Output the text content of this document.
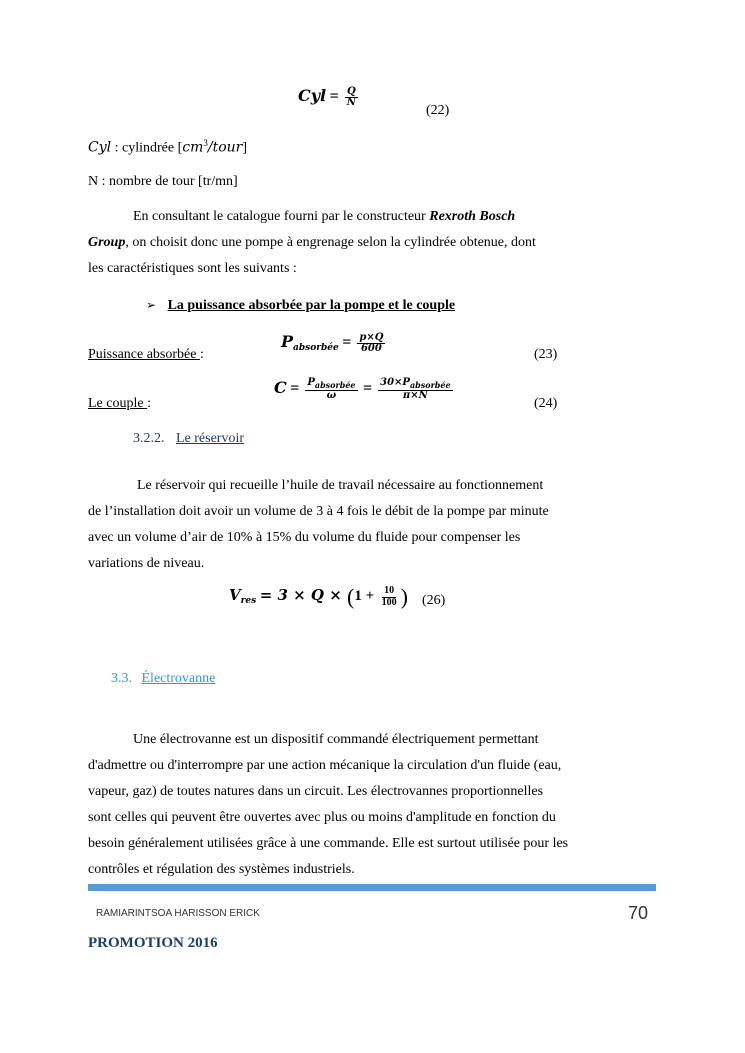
Cyl = $\frac{Q}{N}$
(22)
Cyl : cylindrée $[cm^3/tour]$
N : nombre de tour [tr/mn]
En consultant le catalogue fourni par le constructeur Rexroth Bosch
Group, on choisit donc une pompe à engrenage selon la cylindrée obtenue, dont
les caractéristiques sont les suivants :
➢ La puissance absorbée par la pompe et le couple
Puissance absorbée :
$P_{absorbée} = \frac{p\times Q}{600}$	(23)
Le couple :
$C = \frac{P_{absorbée}}{\omega} = \frac{30\times P_{absorbée}}{\pi\times N}$
(24)
3.2.2. Le réservoir
Le réservoir qui recueille l’huile de travail nécessaire au fonctionnement
de l’installation doit avoir un volume de 3 à 4 fois le débit de la pompe par minute
avec un volume d’air de 10% à 15% du volume du fluide pour compenser les
variations de niveau.
$V_{res} = 3 \times Q \times (1 + \frac{10}{100}$ ) (26)
3.3. Électrovanne
Une électrovanne est un dispositif commandé électriquement permettant
d'admettre ou d'interrompre par une action mécanique la circulation d'un fluide (eau,
vapeur, gaz) de toutes natures dans un circuit. Les électrovannes proportionnelles
sont celles qui peuvent être ouvertes avec plus ou moins d'amplitude en fonction du
besoin généralement utilisées grâce à une commande. Elle est surtout utilisée pour les
contrôles et régulation des systèmes industriels.
RAMIARINTSOA HARISSON ERICK	70
PROMOTION 2016
